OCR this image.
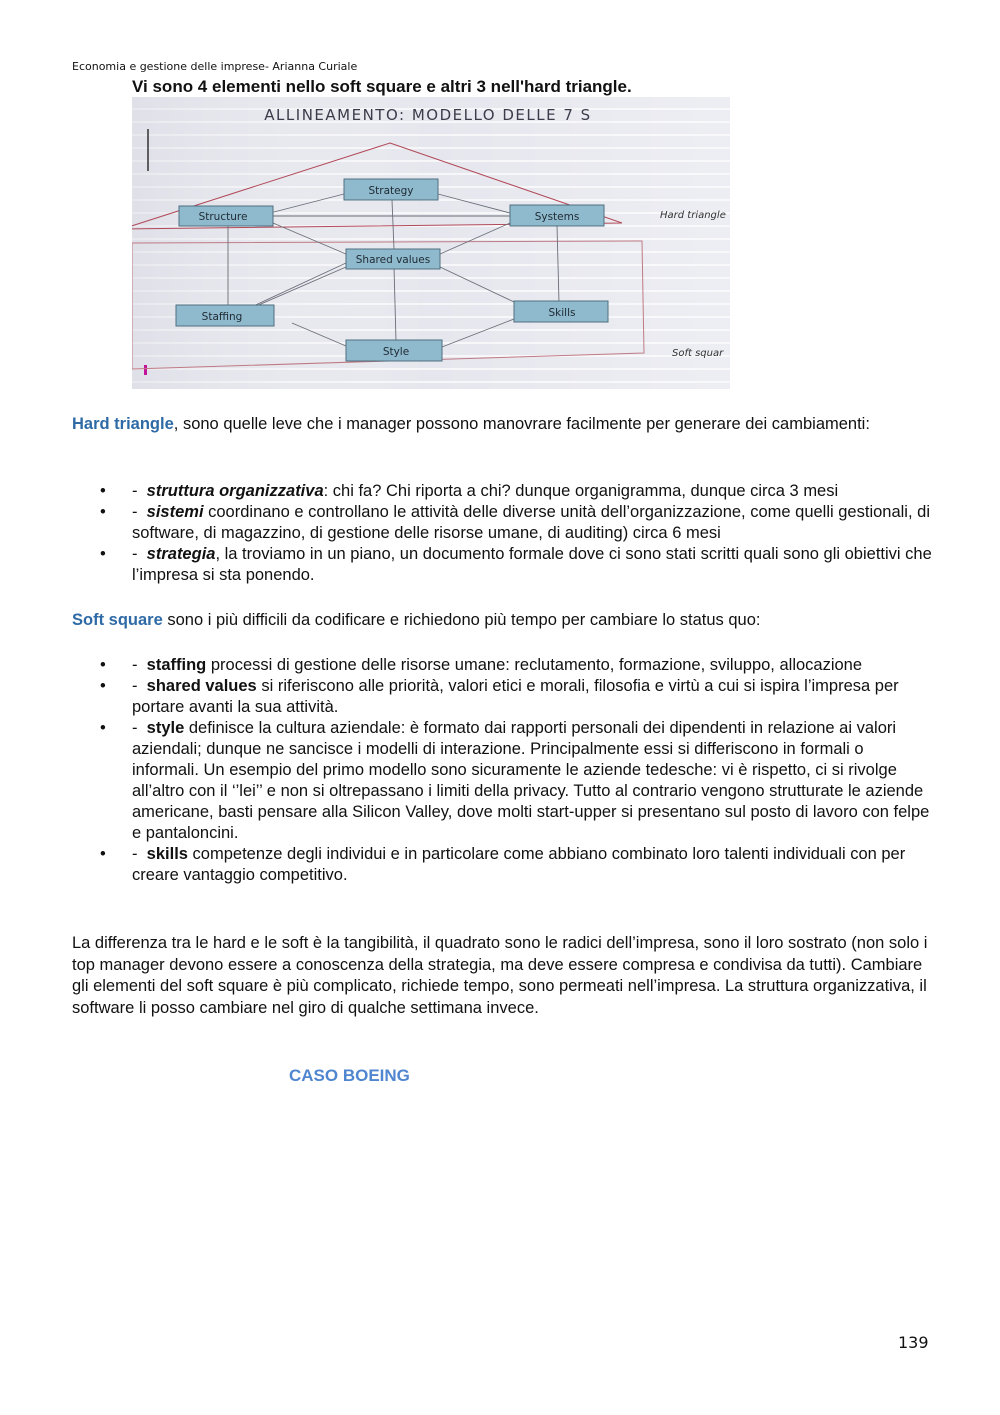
Economia e gestione delle imprese- Arianna Curiale
Vi sono 4 elementi nello soft square e altri 3 nell'hard triangle.
ALLINEAMENTO: MODELLO DELLE 7 S
Strategy
Structure	Systems
Shared values
Staffing	Skills
Style
Hard triangle
Soft squar
Hard triangle, sono quelle leve che i manager possono manovrare facilmente per generare dei cambiamenti:
• - struttura organizzativa: chi fa? Chi riporta a chi? dunque organigramma, dunque circa 3 mesi
• - sistemi coordinano e controllano le attività delle diverse unità dell’organizzazione, come quelli gestionali, di software, di magazzino, di gestione delle risorse umane, di auditing) circa 6 mesi
• - strategia, la troviamo in un piano, un documento formale dove ci sono stati scritti quali sono gli obiettivi che l’impresa si sta ponendo.
Soft square sono i più difficili da codificare e richiedono più tempo per cambiare lo status quo:
• - staffing processi di gestione delle risorse umane: reclutamento, formazione, sviluppo, allocazione
• - shared values si riferiscono alle priorità, valori etici e morali, filosofia e virtù a cui si ispira l’impresa per portare avanti la sua attività.
• - style definisce la cultura aziendale: è formato dai rapporti personali dei dipendenti in relazione ai valori aziendali; dunque ne sancisce i modelli di interazione. Principalmente essi si differiscono in formali o informali. Un esempio del primo modello sono sicuramente le aziende tedesche: vi è rispetto, ci si rivolge all’altro con il ‘’lei’’ e non si oltrepassano i limiti della privacy. Tutto al contrario vengono strutturate le aziende americane, basti pensare alla Silicon Valley, dove molti start-upper si presentano sul posto di lavoro con felpe e pantaloncini.
• - skills competenze degli individui e in particolare come abbiano combinato loro talenti individuali con per creare vantaggio competitivo.
La differenza tra le hard e le soft è la tangibilità, il quadrato sono le radici dell’impresa, sono il loro sostrato (non solo i top manager devono essere a conoscenza della strategia, ma deve essere compresa e condivisa da tutti). Cambiare gli elementi del soft square è più complicato, richiede tempo, sono permeati nell’impresa. La struttura organizzativa, il software li posso cambiare nel giro di qualche settimana invece.
CASO BOEING
139
